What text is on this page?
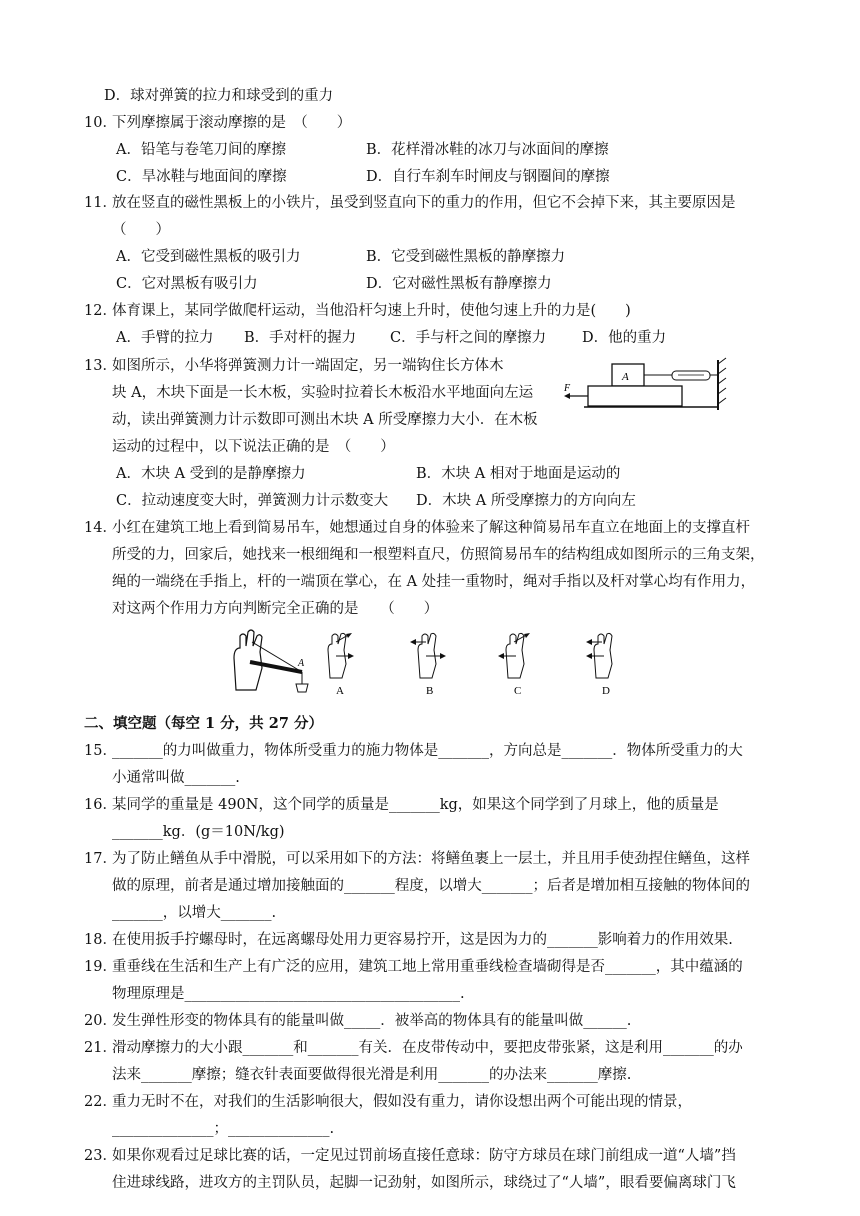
D．球对弹簧的拉力和球受到的重力
10．
下列摩擦属于滚动摩擦的是　（　　）
A．铅笔与卷笔刀间的摩擦	B．花样滑冰鞋的冰刀与冰面间的摩擦
C．旱冰鞋与地面间的摩擦	D．自行车刹车时闸皮与钢圈间的摩擦
11．
放在竖直的磁性黑板上的小铁片，虽受到竖直向下的重力的作用，但它不会掉下来，其主要原因是
（　　）
A．它受到磁性黑板的吸引力	B．它受到磁性黑板的静摩擦力
C．它对黑板有吸引力	D．它对磁性黑板有静摩擦力
12．
体育课上，某同学做爬杆运动，当他沿杆匀速上升时，使他匀速上升的力是(　　)
A．手臂的拉力 B．手对杆的握力 C．手与杆之间的摩擦力 D．他的重力
13．
如图所示，小华将弹簧测力计一端固定，另一端钩住长方体木
块 A，木块下面是一长木板，实验时拉着长木板沿水平地面向左运
动，读出弹簧测力计示数即可测出木块 A 所受摩擦力大小．在木板
运动的过程中，以下说法正确的是　（　　）
A
F
A．木块 A 受到的是静摩擦力	B．木块 A 相对于地面是运动的
C．拉动速度变大时，弹簧测力计示数变大 D．木块 A 所受摩擦力的方向向左
14．
小红在建筑工地上看到简易吊车，她想通过自身的体验来了解这种简易吊车直立在地面上的支撑直杆
所受的力，回家后，她找来一根细绳和一根塑料直尺，仿照简易吊车的结构组成如图所示的三角支架，
绳的一端绕在手指上，杆的一端顶在掌心，在 A 处挂一重物时，绳对手指以及杆对掌心均有作用力，
对这两个作用力方向判断完全正确的是　　（　　）
A
A	B	C	D
二、填空题（每空 1 分，共 27 分）
15．
_______的力叫做重力，物体所受重力的施力物体是_______，方向总是_______．物体所受重力的大
小通常叫做_______.
16．
某同学的重量是 490N，这个同学的质量是_______kg，如果这个同学到了月球上，他的质量是
_______kg．(g＝10N/kg)
17．
为了防止鳝鱼从手中滑脱，可以采用如下的方法：将鳝鱼裹上一层土，并且用手使劲捏住鳝鱼，这样
做的原理，前者是通过增加接触面的_______程度，以增大_______；后者是增加相互接触的物体间的
_______，以增大_______.
18．
在使用扳手拧螺母时，在远离螺母处用力更容易拧开，这是因为力的_______影响着力的作用效果.
19．
重垂线在生活和生产上有广泛的应用，建筑工地上常用重垂线检查墙砌得是否_______，其中蕴涵的
物理原理是______________________________________.
20．
发生弹性形变的物体具有的能量叫做_____．被举高的物体具有的能量叫做______.
21．
滑动摩擦力的大小跟_______和_______有关．在皮带传动中，要把皮带张紧，这是利用_______的办
法来_______摩擦；缝衣针表面要做得很光滑是利用_______的办法来_______摩擦.
22．
重力无时不在，对我们的生活影响很大，假如没有重力，请你设想出两个可能出现的情景，
______________；______________.
23．
如果你观看过足球比赛的话，一定见过罚前场直接任意球：防守方球员在球门前组成一道“人墙”挡
住进球线路，进攻方的主罚队员，起脚一记劲射，如图所示，球绕过了“人墙”，眼看要偏离球门飞
